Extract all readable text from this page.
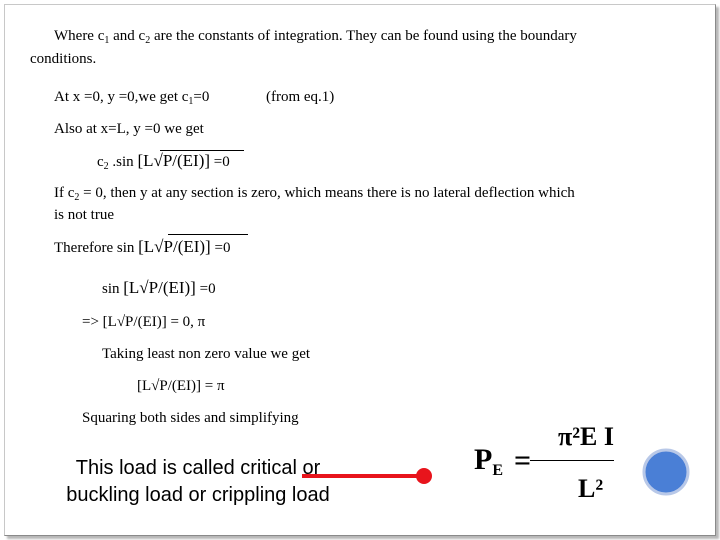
Where $c_1$ and $c_2$ are the constants of integration. They can be found using the boundary
conditions.
At x =0, y =0,we get $c_1=0$	(from eq.1)
Also at x=L, y =0 we get
$c_2$ .sin [L√P/(EI)] =0
If $c_2 = 0$, then y at any section is zero, which means there is no lateral deflection which
is not true
Therefore sin [L√P/(EI)] =0
sin [L√P/(EI)] =0
=> [L√P/(EI)] = 0, π
Taking least non zero value we get
[L√P/(EI)] = π
Squaring both sides and simplifying
This load is called critical or
buckling load or crippling load
$P_E$ =
π²E I
L²
